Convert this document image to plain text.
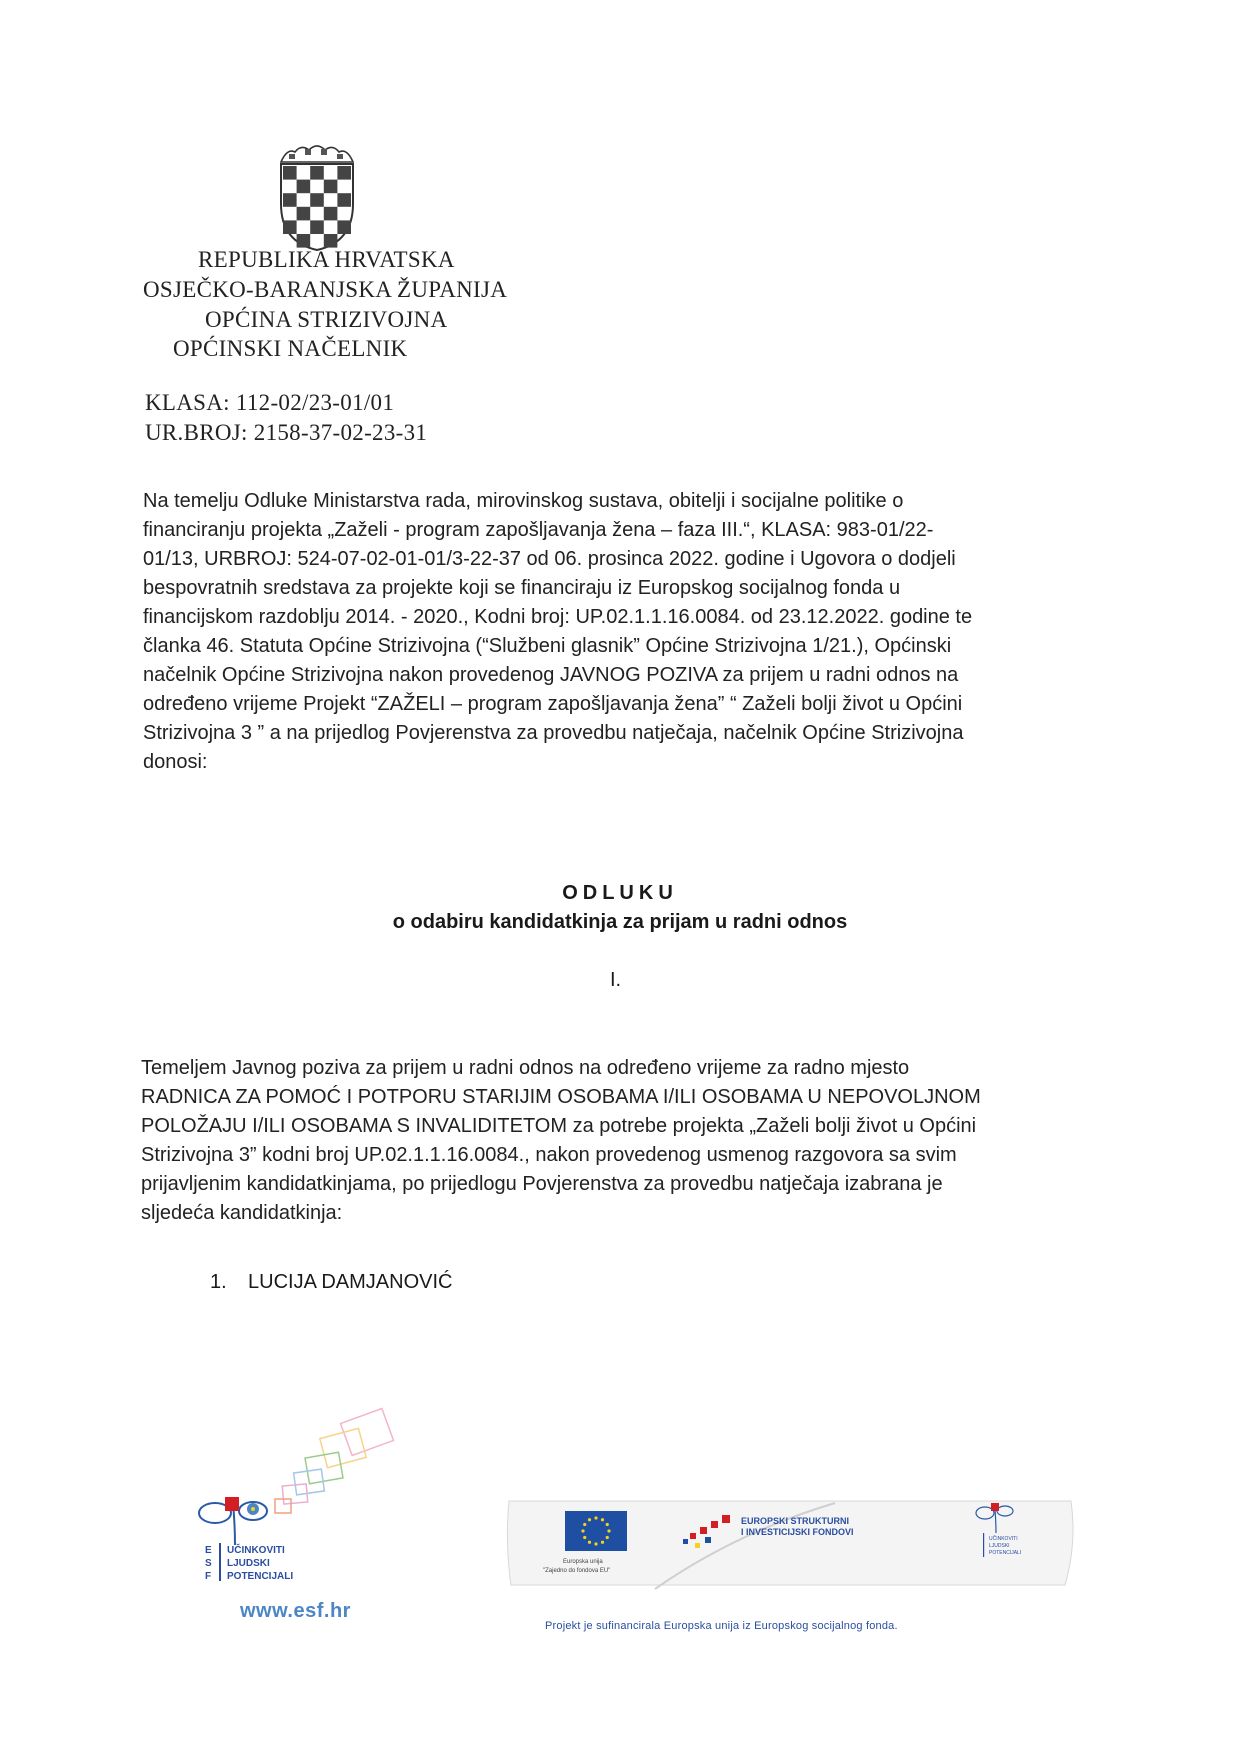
REPUBLIKA HRVATSKA
OSJEČKO-BARANJSKA ŽUPANIJA
OPĆINA STRIZIVOJNA
OPĆINSKI NAČELNIK
KLASA: 112-02/23-01/01
UR.BROJ: 2158-37-02-23-31
Na temelju Odluke Ministarstva rada, mirovinskog sustava, obitelji i socijalne politike o
financiranju projekta „Zaželi - program zapošljavanja žena – faza III.“, KLASA: 983-01/22-
01/13, URBROJ: 524-07-02-01-01/3-22-37 od 06. prosinca 2022. godine i Ugovora o dodjeli
bespovratnih sredstava za projekte koji se financiraju iz Europskog socijalnog fonda u
financijskom razdoblju 2014. - 2020., Kodni broj: UP.02.1.1.16.0084. od 23.12.2022. godine te
članka 46. Statuta Općine Strizivojna (“Službeni glasnik” Općine Strizivojna 1/21.), Općinski
načelnik Općine Strizivojna nakon provedenog JAVNOG POZIVA za prijem u radni odnos na
određeno vrijeme Projekt “ZAŽELI – program zapošljavanja žena” “ Zaželi bolji život u Općini
Strizivojna 3 ” a na prijedlog Povjerenstva za provedbu natječaja, načelnik Općine Strizivojna
donosi:
ODLUKU
o odabiru kandidatkinja za prijam u radni odnos
I.
Temeljem Javnog poziva za prijem u radni odnos na određeno vrijeme za radno mjesto
RADNICA ZA POMOĆ I POTPORU STARIJIM OSOBAMA I/ILI OSOBAMA U NEPOVOLJNOM
POLOŽAJU I/ILI OSOBAMA S INVALIDITETOM za potrebe projekta „Zaželi bolji život u Općini
Strizivojna 3” kodni broj UP.02.1.1.16.0084., nakon provedenog usmenog razgovora sa svim
prijavljenim kandidatkinjama, po prijedlogu Povjerenstva za provedbu natječaja izabrana je
sljedeća kandidatkinja:
1. LUCIJA DAMJANOVIĆ
E
S
F
UČINKOVITI
LJUDSKI
POTENCIJALI
www.esf.hr
Europska unija
"Zajedno do fondova EU"
EUROPSKI STRUKTURNI
I INVESTICIJSKI FONDOVI
UČINKOVITI
LJUDSKI
POTENCIJALI
Projekt je sufinancirala Europska unija iz Europskog socijalnog fonda.
